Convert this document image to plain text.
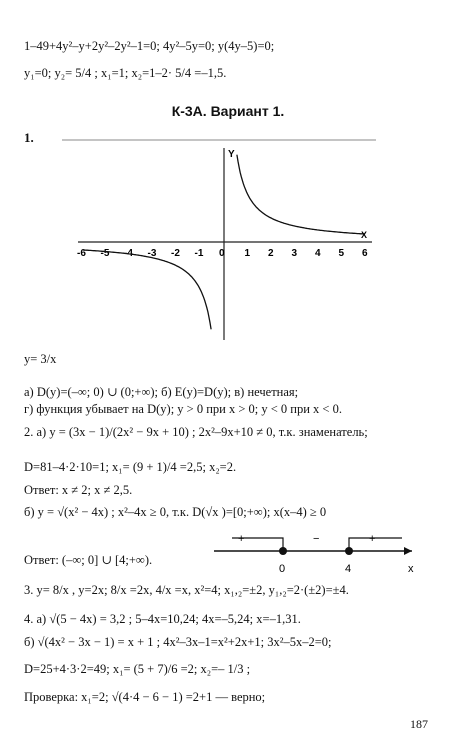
1–49+4y²–y+2y²–2y²–1=0; 4y²–5y=0; y(4y–5)=0;
y₁=0; y₂= 5/4 ; x₁=1; x₂=1–2· 5/4 =–1,5.
К-3А. Вариант 1.
1.
-6 -5 -4 -3 -2 -1	1 2 3 4 5 6
Y
X
0
y= 3/x
а) D(y)=(–∞; 0) ∪ (0;+∞); б) E(y)=D(y); в) нечетная;
г) функция убывает на D(y); y > 0 при x > 0; y < 0 при x < 0.
2. а) y = (3x − 1)/(2x² − 9x + 10) ; 2x²–9x+10 ≠ 0, т.к. знаменатель;
D=81–4·2·10=1; x₁= (9 + 1)/4 =2,5; x₂=2.
Ответ: x ≠ 2; x ≠ 2,5.
б) y = √(x² − 4x) ; x²–4x ≥ 0, т.к. D(√x )=[0;+∞); x(x–4) ≥ 0
Ответ: (–∞; 0] ∪ [4;+∞).
+	−	+
0	4	x
3. y= 8/x , y=2x; 8/x =2x, 4/x =x, x²=4; x₁,₂=±2, y₁,₂=2·(±2)=±4.
4. а) √(5 − 4x) = 3,2 ; 5–4x=10,24; 4x=–5,24; x=–1,31.
б) √(4x² − 3x − 1) = x + 1 ; 4x²–3x–1=x²+2x+1; 3x²–5x–2=0;
D=25+4·3·2=49; x₁= (5 + 7)/6 =2; x₂=– 1/3 ;
Проверка: x₁=2; √(4·4 − 6 − 1) =2+1 — верно;
187
